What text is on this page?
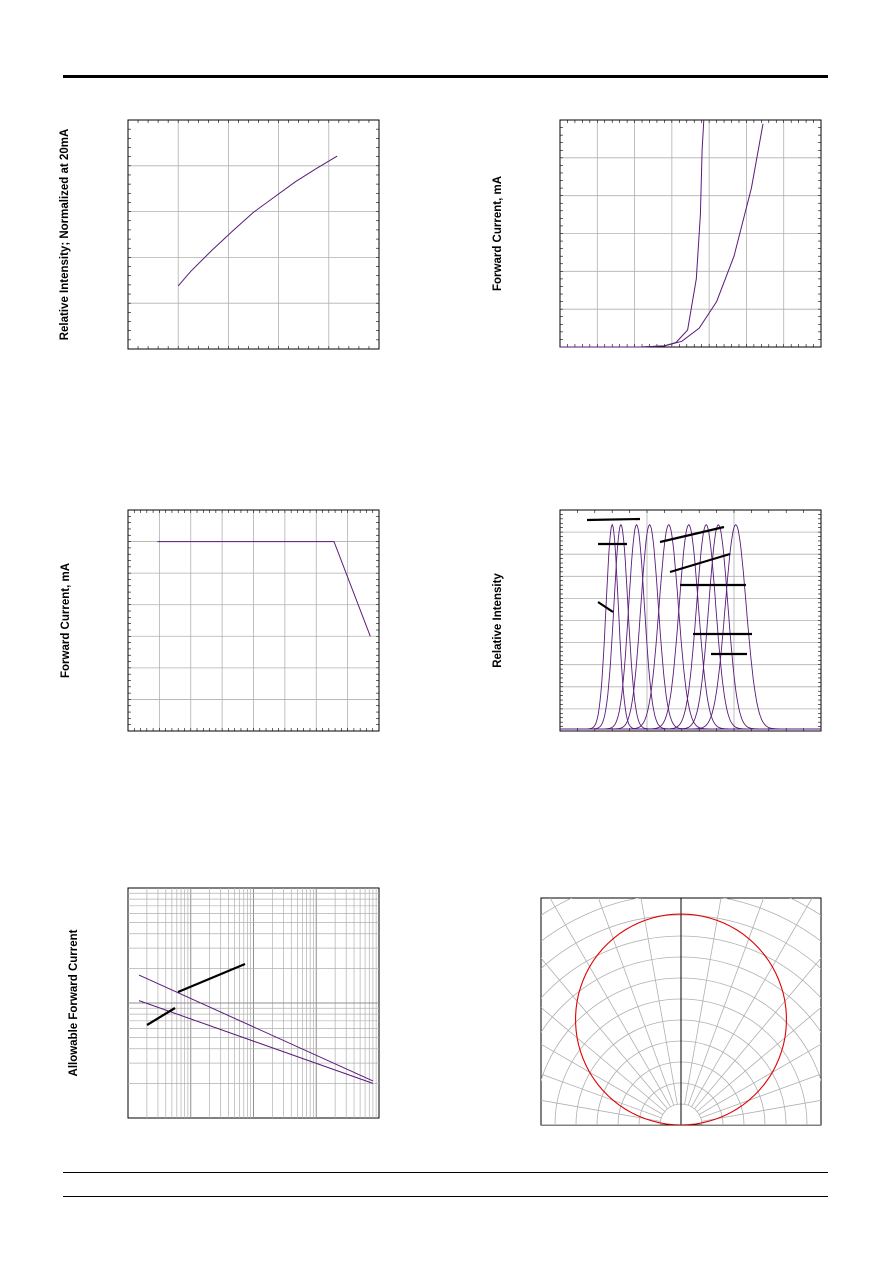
Relative Intensity; Normalized at 20mA	Forward Current, mA
Forward Current, mA	Relative Intensity
Allowable Forward Current
